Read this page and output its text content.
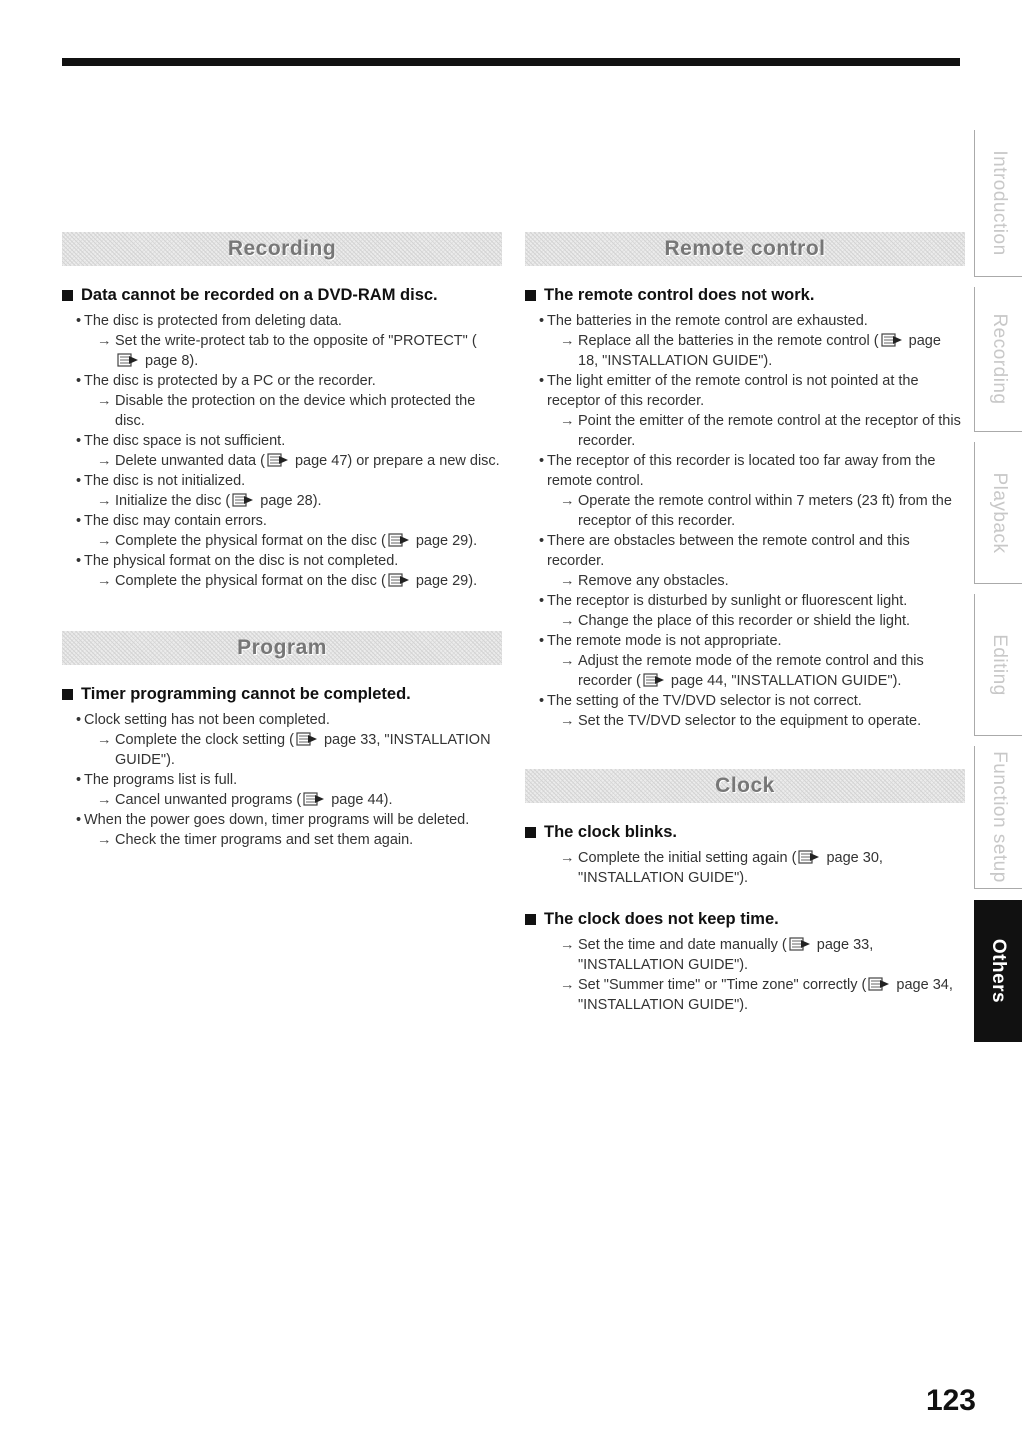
Recording
Data cannot be recorded on a DVD-RAM disc.

• The disc is protected from deleting data.

→ Set the write-protect tab to the opposite of "PROTECT" ( page 8).

• The disc is protected by a PC or the recorder.

→ Disable the protection on the device which protected the disc.

• The disc space is not sufficient.

→ Delete unwanted data ( page 47) or prepare a new disc.

• The disc is not initialized.

→ Initialize the disc ( page 28).

• The disc may contain errors.

→ Complete the physical format on the disc ( page 29).

• The physical format on the disc is not completed.

→ Complete the physical format on the disc ( page 29).

Program
Timer programming cannot be completed.

• Clock setting has not been completed.

→ Complete the clock setting ( page 33, "INSTALLATION GUIDE").

• The programs list is full.

→ Cancel unwanted programs ( page 44).

• When the power goes down, timer programs will be deleted.

→ Check the timer programs and set them again.

Remote control
The remote control does not work.

• The batteries in the remote control are exhausted.

→ Replace all the batteries in the remote control ( page 18, "INSTALLATION GUIDE").

• The light emitter of the remote control is not pointed at the receptor of this recorder.

→ Point the emitter of the remote control at the receptor of this recorder.

• The receptor of this recorder is located too far away from the remote control.

→ Operate the remote control within 7 meters (23 ft) from the receptor of this recorder.

• There are obstacles between the remote control and this recorder.

→ Remove any obstacles.

• The receptor is disturbed by sunlight or fluorescent light.

→ Change the place of this recorder or shield the light.

• The remote mode is not appropriate.

→ Adjust the remote mode of the remote control and this recorder ( page 44, "INSTALLATION GUIDE").

• The setting of the TV/DVD selector is not correct.

→ Set the TV/DVD selector to the equipment to operate.

Clock
The clock blinks.

→ Complete the initial setting again ( page 30, "INSTALLATION GUIDE").

The clock does not keep time.

→ Set the time and date manually ( page 33, "INSTALLATION GUIDE").

→ Set "Summer time" or "Time zone" correctly ( page 34, "INSTALLATION GUIDE").

Introduction
Recording
Playback
Editing
Function setup
Others
123
